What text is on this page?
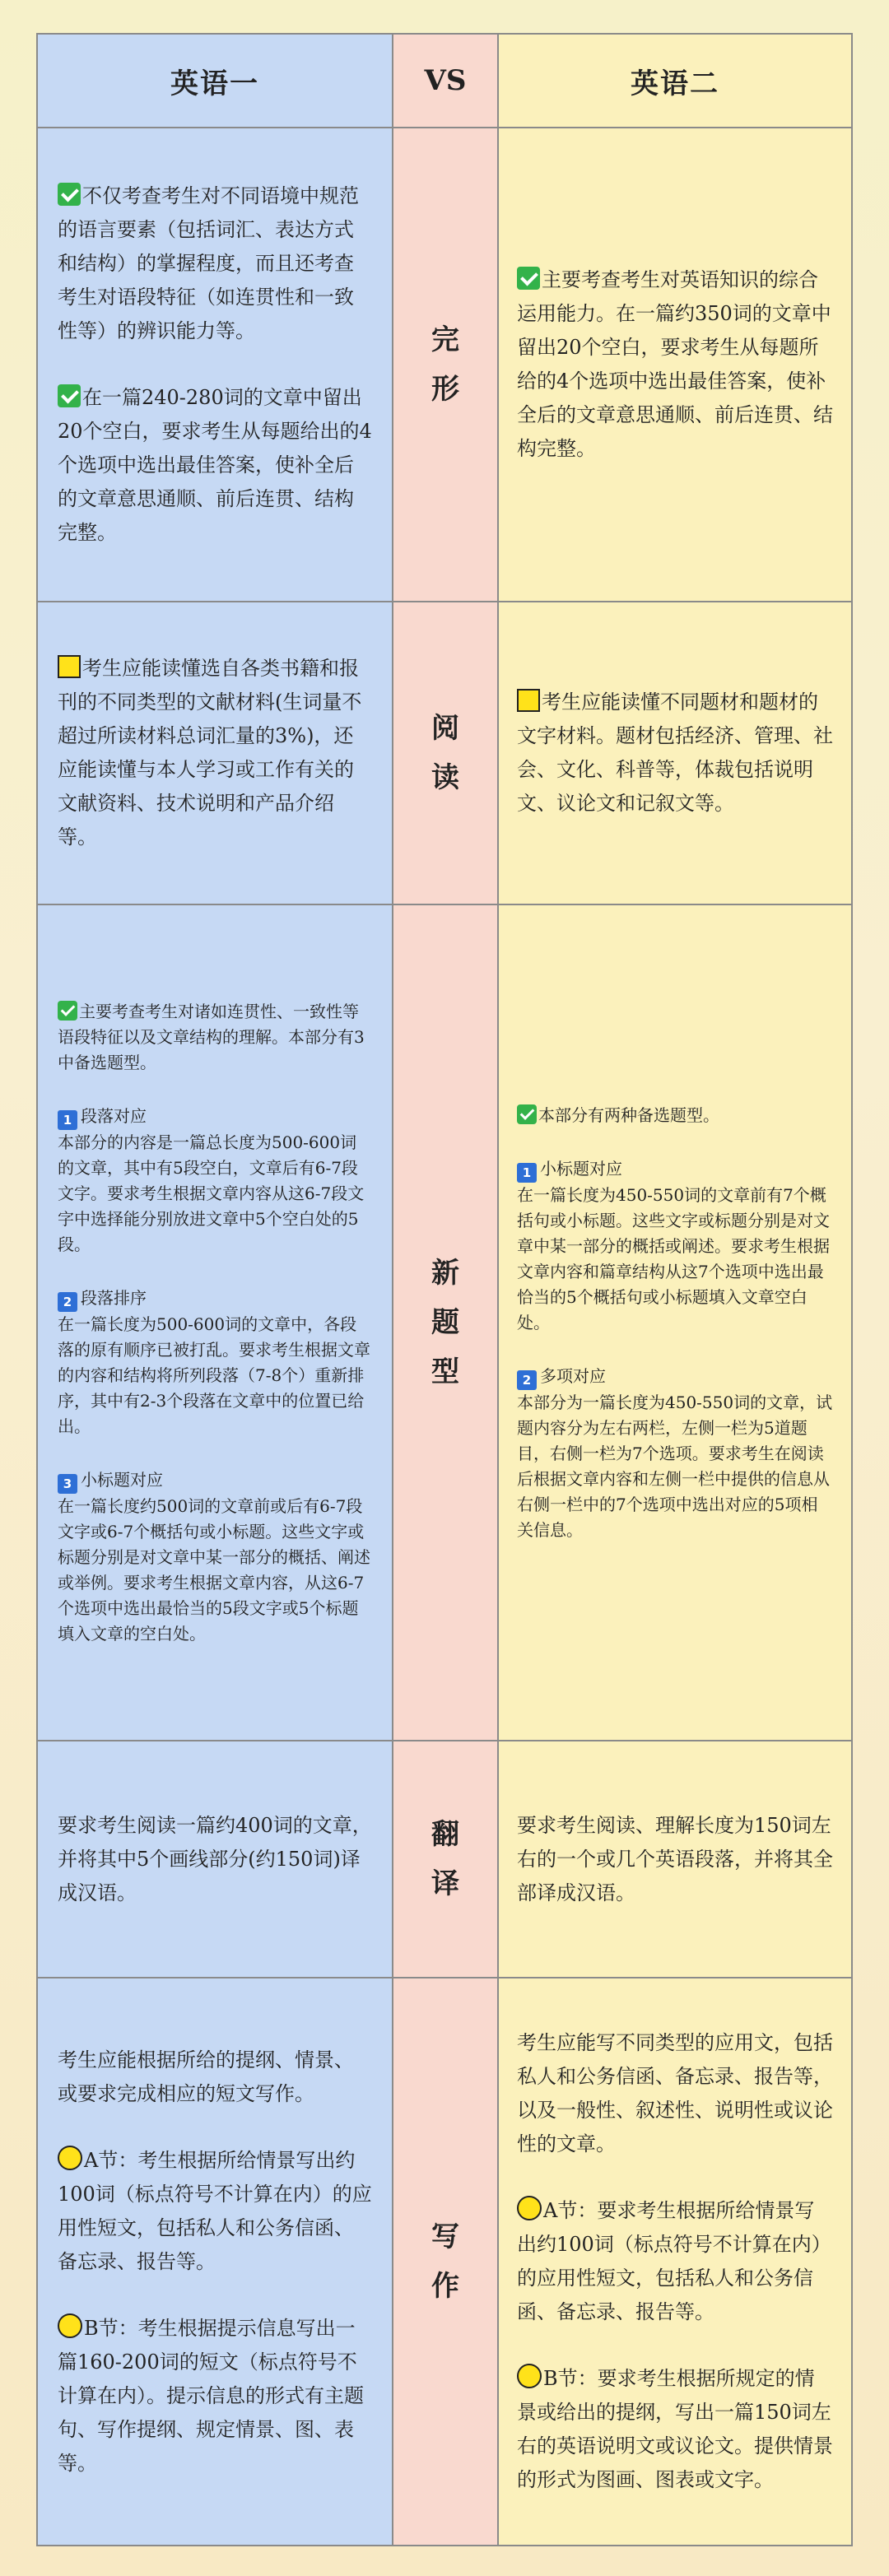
英语一	VS	英语二

不仅考查考生对不同语境中规范的语言要素（包括词汇、表达方式和结构）的掌握程度，而且还考查考生对语段特征（如连贯性和一致性等）的辨识能力等。

在一篇240-280词的文章中留出20个空白，要求考生从每题给出的4个选项中选出最佳答案，使补全后的文章意思通顺、前后连贯、结构完整。

完形

主要考查考生对英语知识的综合运用能力。在一篇约350词的文章中留出20个空白，要求考生从每题所给的4个选项中选出最佳答案，使补全后的文章意思通顺、前后连贯、结构完整。

考生应能读懂选自各类书籍和报刊的不同类型的文献材料(生词量不超过所读材料总词汇量的3%)，还应能读懂与本人学习或工作有关的文献资料、技术说明和产品介绍等。

阅读

考生应能读懂不同题材和题材的文字材料。题材包括经济、管理、社会、文化、科普等，体裁包括说明文、议论文和记叙文等。

主要考查考生对诸如连贯性、一致性等语段特征以及文章结构的理解。本部分有3中备选题型。

1 段落对应

本部分的内容是一篇总长度为500-600词的文章，其中有5段空白，文章后有6-7段文字。要求考生根据文章内容从这6-7段文字中选择能分别放进文章中5个空白处的5段。

2 段落排序

在一篇长度为500-600词的文章中，各段落的原有顺序已被打乱。要求考生根据文章的内容和结构将所列段落（7-8个）重新排序，其中有2-3个段落在文章中的位置已给出。

3 小标题对应

在一篇长度约500词的文章前或后有6-7段文字或6-7个概括句或小标题。这些文字或标题分别是对文章中某一部分的概括、阐述或举例。要求考生根据文章内容，从这6-7个选项中选出最恰当的5段文字或5个标题填入文章的空白处。

新题型

本部分有两种备选题型。

1 小标题对应

在一篇长度为450-550词的文章前有7个概括句或小标题。这些文字或标题分别是对文章中某一部分的概括或阐述。要求考生根据文章内容和篇章结构从这7个选项中选出最恰当的5个概括句或小标题填入文章空白处。

2 多项对应

本部分为一篇长度为450-550词的文章，试题内容分为左右两栏，左侧一栏为5道题目，右侧一栏为7个选项。要求考生在阅读后根据文章内容和左侧一栏中提供的信息从右侧一栏中的7个选项中选出对应的5项相关信息。

要求考生阅读一篇约400词的文章，并将其中5个画线部分(约150词)译成汉语。

翻译

要求考生阅读、理解长度为150词左右的一个或几个英语段落，并将其全部译成汉语。

考生应能根据所给的提纲、情景、或要求完成相应的短文写作。

A节：考生根据所给情景写出约100词（标点符号不计算在内）的应用性短文，包括私人和公务信函、备忘录、报告等。

B节：考生根据提示信息写出一篇160-200词的短文（标点符号不计算在内）。提示信息的形式有主题句、写作提纲、规定情景、图、表等。

写作

考生应能写不同类型的应用文，包括私人和公务信函、备忘录、报告等，以及一般性、叙述性、说明性或议论性的文章。

A节：要求考生根据所给情景写出约100词（标点符号不计算在内）的应用性短文，包括私人和公务信函、备忘录、报告等。

B节：要求考生根据所规定的情景或给出的提纲，写出一篇150词左右的英语说明文或议论文。提供情景的形式为图画、图表或文字。
